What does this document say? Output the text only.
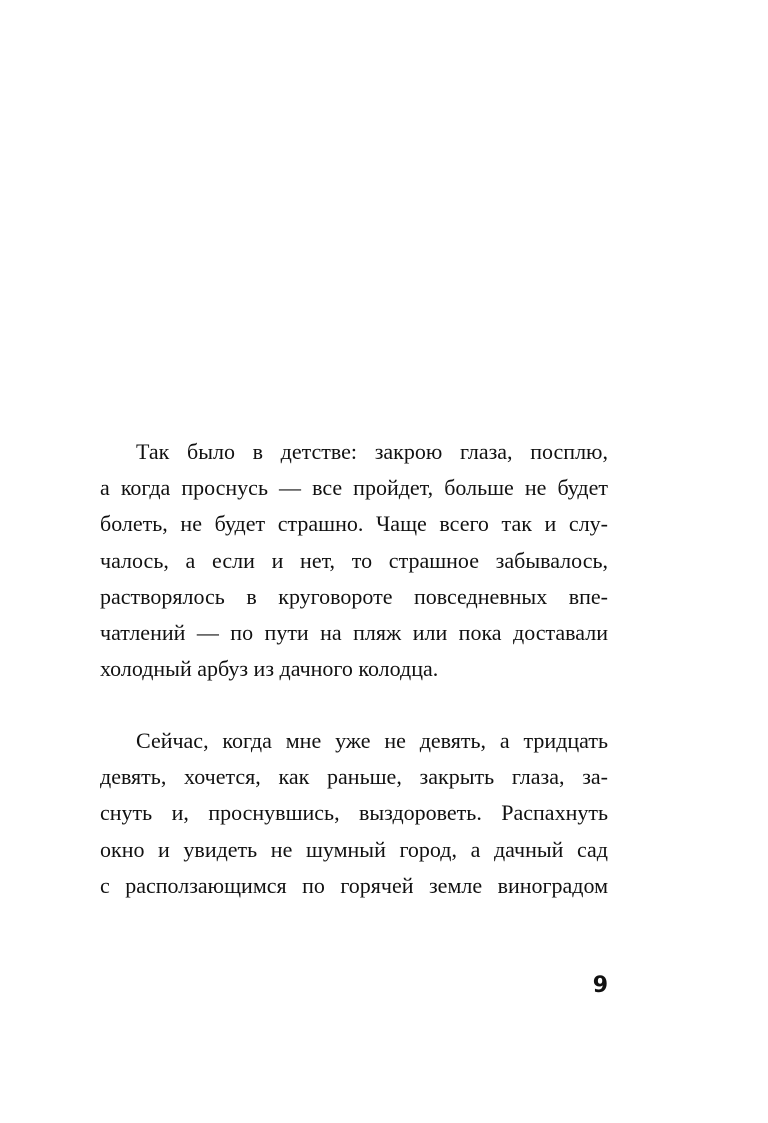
Так было в детстве: закрою глаза, посплю,
а когда проснусь — все пройдет, больше не будет
болеть, не будет страшно. Чаще всего так и слу-
чалось, а если и нет, то страшное забывалось,
растворялось в круговороте повседневных впе-
чатлений — по пути на пляж или пока доставали
холодный арбуз из дачного колодца.
Сейчас, когда мне уже не девять, а тридцать
девять, хочется, как раньше, закрыть глаза, за-
снуть и, проснувшись, выздороветь. Распахнуть
окно и увидеть не шумный город, а дачный сад
с расползающимся по горячей земле виноградом
9
